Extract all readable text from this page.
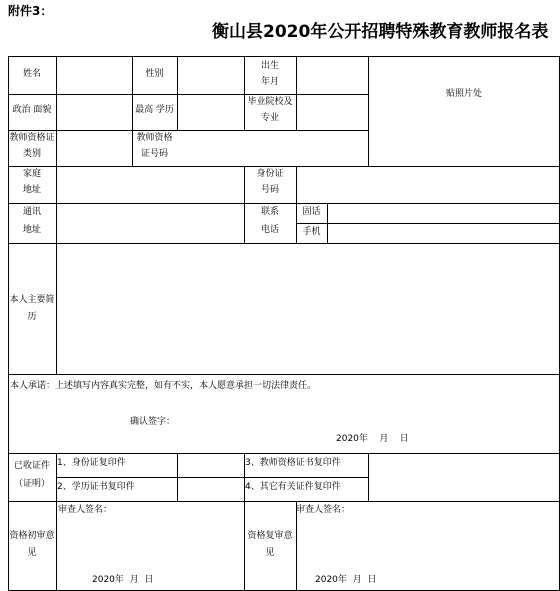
附件3：
衡山县2020年公开招聘特殊教育教师报名表
姓名	性别
出生
年月
贴照片处
政治 面貌	最高 学历
毕业院校及
专业
教师资格证
类别
教师资格
证号码
家庭
地址
身份证
号码
通讯
地址
联系
电话
固话
手机
本人主要简
历
本人承诺：上述填写内容真实完整，如有不实，本人愿意承担一切法律责任。
确认签字：
2020年    月    日
已收证件
（证明）
1、身份证复印件
2、学历证书复印件
3、教师资格证书复印件
4、其它有关证件复印件
资格初审意
见
审查人签名：
2020年  月  日
资格复审意
见
审查人签名：
2020年  月  日
